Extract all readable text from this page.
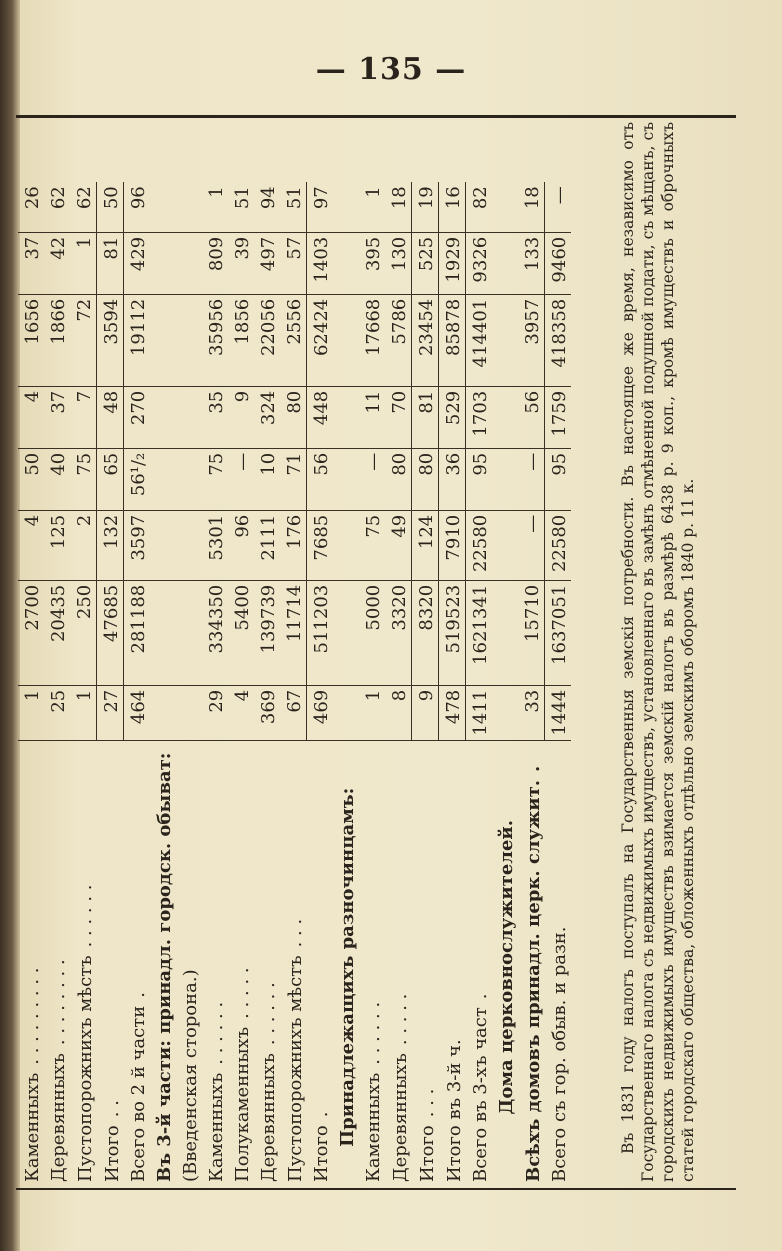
— 135 —
Каменныхъ. . . . . . . . .	1	2700	4	50	4	1656	37	26
Деревянныхъ. . . . . . . .	25	20435	125	40	37	1866	42	62
Пустопорожнихъ мѣстъ. . . . . .	1	250	2	75	7	72	1	62
Итого. .	27	47685	132	65	48	3594	81	50
Всего во 2 й части.	464	281188	3597	56¹/₂	270	19112	429	96
Въ 3-й части: принадл. городск. обыват:								
(Введенская сторона.)								
Каменныхъ. . . . . .	29	334350	5301	75	35	35956	809	1
Полукаменныхъ. . . . .	4	5400	96	—	9	1856	39	51
Деревянныхъ. . . . . .	369	139739	2111	10	324	22056	497	94
Пустопорожнихъ мѣстъ. . .	67	11714	176	71	80	2556	57	51
Итого.	469	511203	7685	56	448	62424	1403	97
Принадлежащихъ разночинцамъ:								
Каменныхъ. . . . . .	1	5000	75	—	11	17668	395	1
Деревянныхъ. . . . .	8	3320	49	80	70	5786	130	18
Итого. . .	9	8320	124	80	81	23454	525	19
Итого въ 3-й ч.	478	519523	7910	36	529	85878	1929	16
Всего въ 3-хъ част.	1411	1621341	22580	95	1703	414401	9326	82
Дома церковнослужителей.								
Всѣхъ домовъ принадл. церк. служит..	33	15710	—	—	56	3957	133	18
Всего съ гор. обыв. и разн.	1444	1637051	22580	95	1759	418358	9460	—	Въ 1831 году налогъ поступалъ на Государственныя земскія потребности. Въ настоящее же время, независимо отъ Государственнаго налога съ недвижимыхъ имуществъ, установленнаго въ замѣнъ отмѣненной подушной подати, съ мѣщанъ, съ городскихъ недвижимыхъ имуществъ взимается земскій налогъ въ размѣрѣ 6438 р. 9 коп., кромѣ имуществъ и оброчныхъ статей городскаго общества, обложенныхъ отдѣльно земскимъ оборомъ 1840 р. 11 к.
